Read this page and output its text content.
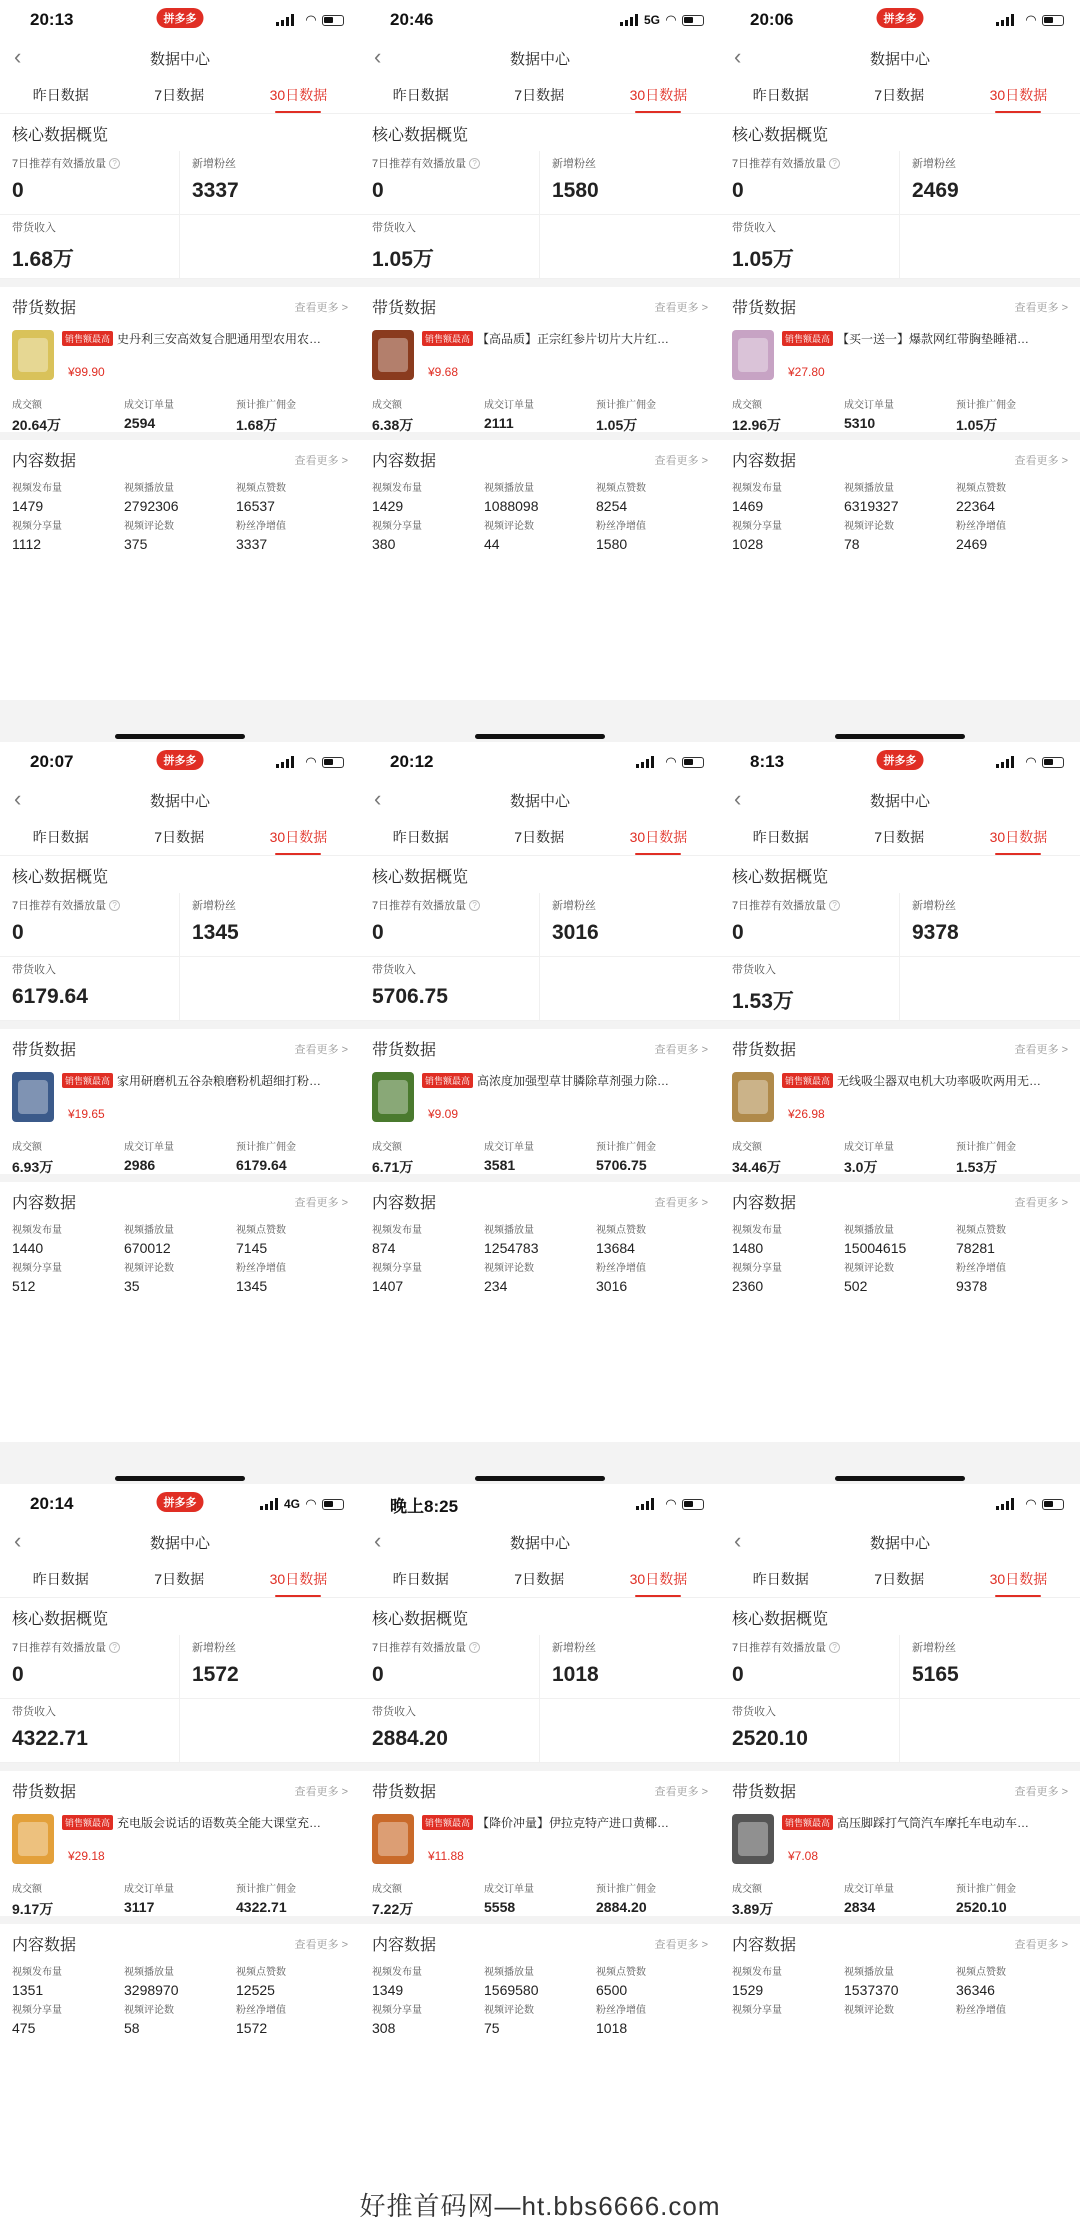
20:13	拼多多	◠
‹	数据中心
昨日数据	7日数据	30日数据
核心数据概览
7日推荐有效播放量 ?
0
新增粉丝
3337
带货收入
1.68万
带货数据	查看更多 >
销售额最高 史丹利三安高效复合肥通用型农用农…
¥99.90
成交额
20.64万
成交订单量
2594
预计推广佣金
1.68万
内容数据	查看更多 >
视频发布量
1479
视频播放量
2792306
视频点赞数
16537
视频分享量
1112
视频评论数
375
粉丝净增值
3337
20:46	5G ◠
‹	数据中心
昨日数据	7日数据	30日数据
核心数据概览
7日推荐有效播放量 ?
0
新增粉丝
1580
带货收入
1.05万
带货数据	查看更多 >
销售额最高 【高品质】正宗红参片切片大片红…
¥9.68
成交额
6.38万
成交订单量
2111
预计推广佣金
1.05万
内容数据	查看更多 >
视频发布量
1429
视频播放量
1088098
视频点赞数
8254
视频分享量
380
视频评论数
44
粉丝净增值
1580
20:06	拼多多	◠
‹	数据中心
昨日数据	7日数据	30日数据
核心数据概览
7日推荐有效播放量 ?
0
新增粉丝
2469
带货收入
1.05万
带货数据	查看更多 >
销售额最高 【买一送一】爆款网红带胸垫睡裙…
¥27.80
成交额
12.96万
成交订单量
5310
预计推广佣金
1.05万
内容数据	查看更多 >
视频发布量
1469
视频播放量
6319327
视频点赞数
22364
视频分享量
1028
视频评论数
78
粉丝净增值
2469
20:07	拼多多	◠
‹	数据中心
昨日数据	7日数据	30日数据
核心数据概览
7日推荐有效播放量 ?
0
新增粉丝
1345
带货收入
6179.64
带货数据	查看更多 >
销售额最高 家用研磨机五谷杂粮磨粉机超细打粉…
¥19.65
成交额
6.93万
成交订单量
2986
预计推广佣金
6179.64
内容数据	查看更多 >
视频发布量
1440
视频播放量
670012
视频点赞数
7145
视频分享量
512
视频评论数
35
粉丝净增值
1345
20:12	◠
‹	数据中心
昨日数据	7日数据	30日数据
核心数据概览
7日推荐有效播放量 ?
0
新增粉丝
3016
带货收入
5706.75
带货数据	查看更多 >
销售额最高 高浓度加强型草甘膦除草剂强力除…
¥9.09
成交额
6.71万
成交订单量
3581
预计推广佣金
5706.75
内容数据	查看更多 >
视频发布量
874
视频播放量
1254783
视频点赞数
13684
视频分享量
1407
视频评论数
234
粉丝净增值
3016
8:13	拼多多	◠
‹	数据中心
昨日数据	7日数据	30日数据
核心数据概览
7日推荐有效播放量 ?
0
新增粉丝
9378
带货收入
1.53万
带货数据	查看更多 >
销售额最高 无线吸尘器双电机大功率吸吹两用无…
¥26.98
成交额
34.46万
成交订单量
3.0万
预计推广佣金
1.53万
内容数据	查看更多 >
视频发布量
1480
视频播放量
15004615
视频点赞数
78281
视频分享量
2360
视频评论数
502
粉丝净增值
9378
20:14	拼多多	4G ◠
‹	数据中心
昨日数据	7日数据	30日数据
核心数据概览
7日推荐有效播放量 ?
0
新增粉丝
1572
带货收入
4322.71
带货数据	查看更多 >
销售额最高 充电版会说话的语数英全能大课堂充…
¥29.18
成交额
9.17万
成交订单量
3117
预计推广佣金
4322.71
内容数据	查看更多 >
视频发布量
1351
视频播放量
3298970
视频点赞数
12525
视频分享量
475
视频评论数
58
粉丝净增值
1572
晚上8:25	◠
‹	数据中心
昨日数据	7日数据	30日数据
核心数据概览
7日推荐有效播放量 ?
0
新增粉丝
1018
带货收入
2884.20
带货数据	查看更多 >
销售额最高 【降价冲量】伊拉克特产进口黄椰…
¥11.88
成交额
7.22万
成交订单量
5558
预计推广佣金
2884.20
内容数据	查看更多 >
视频发布量
1349
视频播放量
1569580
视频点赞数
6500
视频分享量
308
视频评论数
75
粉丝净增值
1018
◠
‹	数据中心
昨日数据	7日数据	30日数据
核心数据概览
7日推荐有效播放量 ?
0
新增粉丝
5165
带货收入
2520.10
带货数据	查看更多 >
销售额最高 高压脚踩打气筒汽车摩托车电动车…
¥7.08
成交额
3.89万
成交订单量
2834
预计推广佣金
2520.10
内容数据	查看更多 >
视频发布量
1529
视频播放量
1537370
视频点赞数
36346
视频分享量	视频评论数	粉丝净增值
好推首码网—ht.bbs6666.com
